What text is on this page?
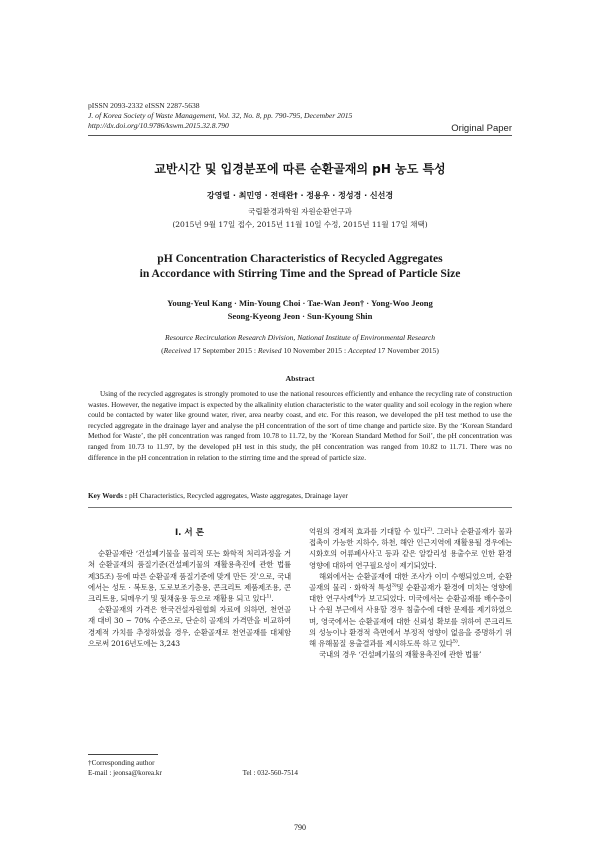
pISSN 2093-2332 eISSN 2287-5638
J. of Korea Society of Waste Management, Vol. 32, No. 8, pp. 790-795, December 2015
http://dx.doi.org/10.9786/kswm.2015.32.8.790	Original Paper
교반시간 및 입경분포에 따른 순환골재의 pH 농도 특성
강영렬 · 최민영 · 전태완† · 정용우 · 정성경 · 신선경
국립환경과학원 자원순환연구과
(2015년 9월 17일 접수, 2015년 11월 10일 수정, 2015년 11월 17일 채택)
pH Concentration Characteristics of Recycled Aggregates
in Accordance with Stirring Time and the Spread of Particle Size
Young-Yeul Kang · Min-Young Choi · Tae-Wan Jeon† · Yong-Woo Jeong
Seong-Kyeong Jeon · Sun-Kyoung Shin
Resource Recirculation Research Division, National Institute of Environmental Research
(Received 17 September 2015 : Revised 10 November 2015 : Accepted 17 November 2015)
Abstract
Using of the recycled aggregates is strongly promoted to use the national resources efficiently and enhance the recycling rate of construction wastes. However, the negative impact is expected by the alkalinity elution characteristic to the water quality and soil ecology in the region where could be contacted by water like ground water, river, area nearby coast, and etc. For this reason, we developed the pH test method to use the recycled aggregate in the drainage layer and analyse the pH concentration of the sort of time change and particle size. By the ‘Korean Standard Method for Waste’, the pH concentration was ranged from 10.78 to 11.72, by the ‘Korean Standard Method for Soil’, the pH concentration was ranged from 10.73 to 11.97, by the developed pH test in this study, the pH concentration was ranged from 10.82 to 11.71. There was no difference in the pH concentration in relation to the stirring time and the spread of particle size.
Key Words : pH Characteristics, Recycled aggregates, Waste aggregates, Drainage layer
I. 서 론

순환골재란 ‘건설폐기물을 물리적 또는 화학적 처리과정을 거쳐 순환골재의 품질기준(건설폐기물의 재활용촉진에 관한 법률 제35조) 등에 따른 순환골재 품질기준에 맞게 만든 것’으로, 국내에서는 성토 · 복토용, 도로보조기층용, 콘크리트 제품제조용, 콘크리트용, 되메우기 및 뒷채움용 등으로 재활용 되고 있다$^{1)}$.

순환골재의 가격은 한국건설자원협회 자료에 의하면, 천연골재 대비 30 ~ 70% 수준으로, 단순히 골재의 가격만을 비교하여 경제적 가치를 추정하였을 경우, 순환골재로 천연골재를 대체함으로써 2016년도에는 3,243

억원의 경제적 효과를 기대할 수 있다$^{2)}$. 그러나 순환골재가 물과 접촉이 가능한 지하수, 하천, 해안 인근지역에 재활용될 경우에는 시화호의 어류폐사사고 등과 같은 알칼리성 용출수로 인한 환경영향에 대하여 연구필요성이 제기되었다.

해외에서는 순환골재에 대한 조사가 이미 수행되었으며, 순환골재의 물리 · 화학적 특성$^{3)}$및 순환골재가 환경에 미치는 영향에 대한 연구사례$^{4)}$가 보고되었다. 미국에서는 순환골재를 배수층이나 수원 부근에서 사용할 경우 침출수에 대한 문제를 제기하였으며, 영국에서는 순환골재에 대한 신뢰성 확보를 위하여 콘크리트의 성능이나 환경적 측면에서 부정적 영향이 없음을 증명하기 위해 유해물질 용출결과를 제시하도록 하고 있다$^{5)}$.

국내의 경우 ‘건설폐기물의 재활용촉진에 관한 법률’

†Corresponding author
E-mail : jeonsa@korea.kr	Tel : 032-560-7514
790
